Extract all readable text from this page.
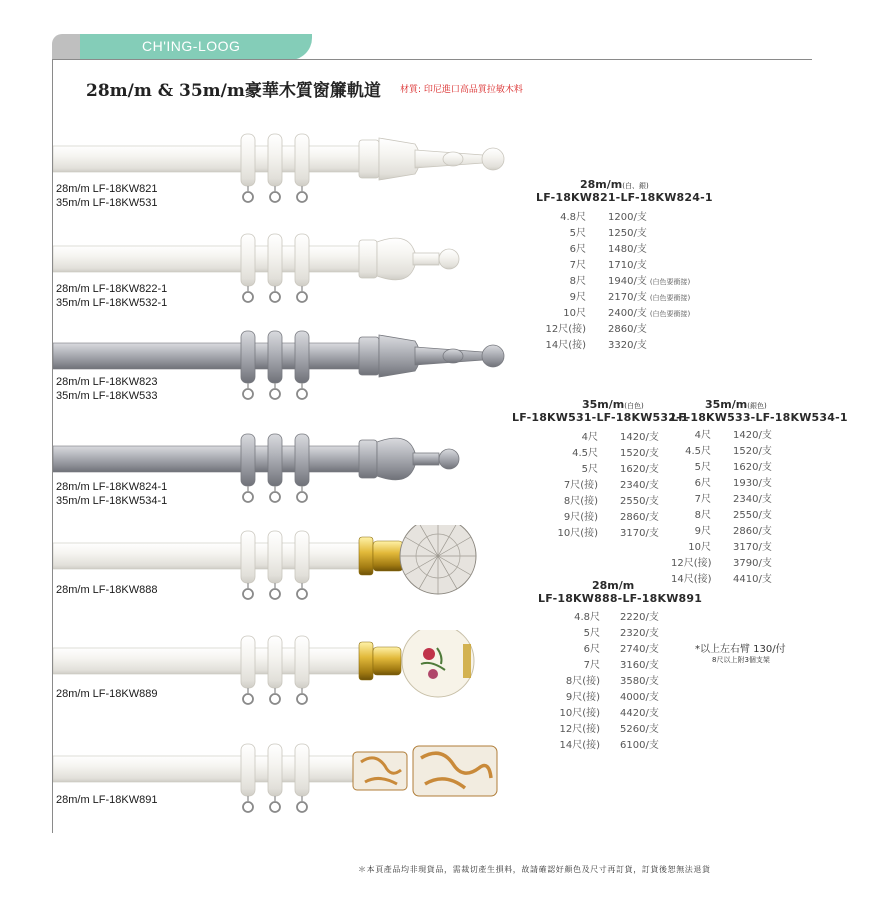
CH'ING-LOOG
28m/m & 35m/m豪華木質窗簾軌道 材質: 印尼進口高品質拉敏木料
28m/m LF-18KW821
35m/m LF-18KW531
28m/m LF-18KW822-1
35m/m LF-18KW532-1
28m/m LF-18KW823
35m/m LF-18KW533
28m/m LF-18KW824-1
35m/m LF-18KW534-1
28m/m LF-18KW888
28m/m LF-18KW889
28m/m LF-18KW891
28m/m(白、銀)
LF-18KW821-LF-18KW824-1
4.8尺 1200/支
5尺 1250/支
6尺 1480/支
7尺 1710/支
8尺 1940/支 (白色要衝接)
9尺 2170/支 (白色要衝接)
10尺 2400/支 (白色要衝接)
12尺(接) 2860/支
14尺(接) 3320/支
35m/m(白色)
LF-18KW531-LF-18KW532-1
4尺 1420/支
4.5尺 1520/支
5尺 1620/支
7尺(接) 2340/支
8尺(接) 2550/支
9尺(接) 2860/支
10尺(接) 3170/支
35m/m(銀色)
LF-18KW533-LF-18KW534-1
4尺 1420/支
4.5尺 1520/支
5尺 1620/支
6尺 1930/支
7尺 2340/支
8尺 2550/支
9尺 2860/支
10尺 3170/支
12尺(接) 3790/支
14尺(接) 4410/支
28m/m
LF-18KW888-LF-18KW891
4.8尺 2220/支
5尺 2320/支
6尺 2740/支
7尺 3160/支
8尺(接) 3580/支
9尺(接) 4000/支
10尺(接) 4420/支
12尺(接) 5260/支
14尺(接) 6100/支
*以上左右臂 130/付
8尺以上附3個支架
＊本頁產品均非現貨品，需裁切產生損料，故請確認好顏色及尺寸再訂貨，訂貨後恕無法退貨
